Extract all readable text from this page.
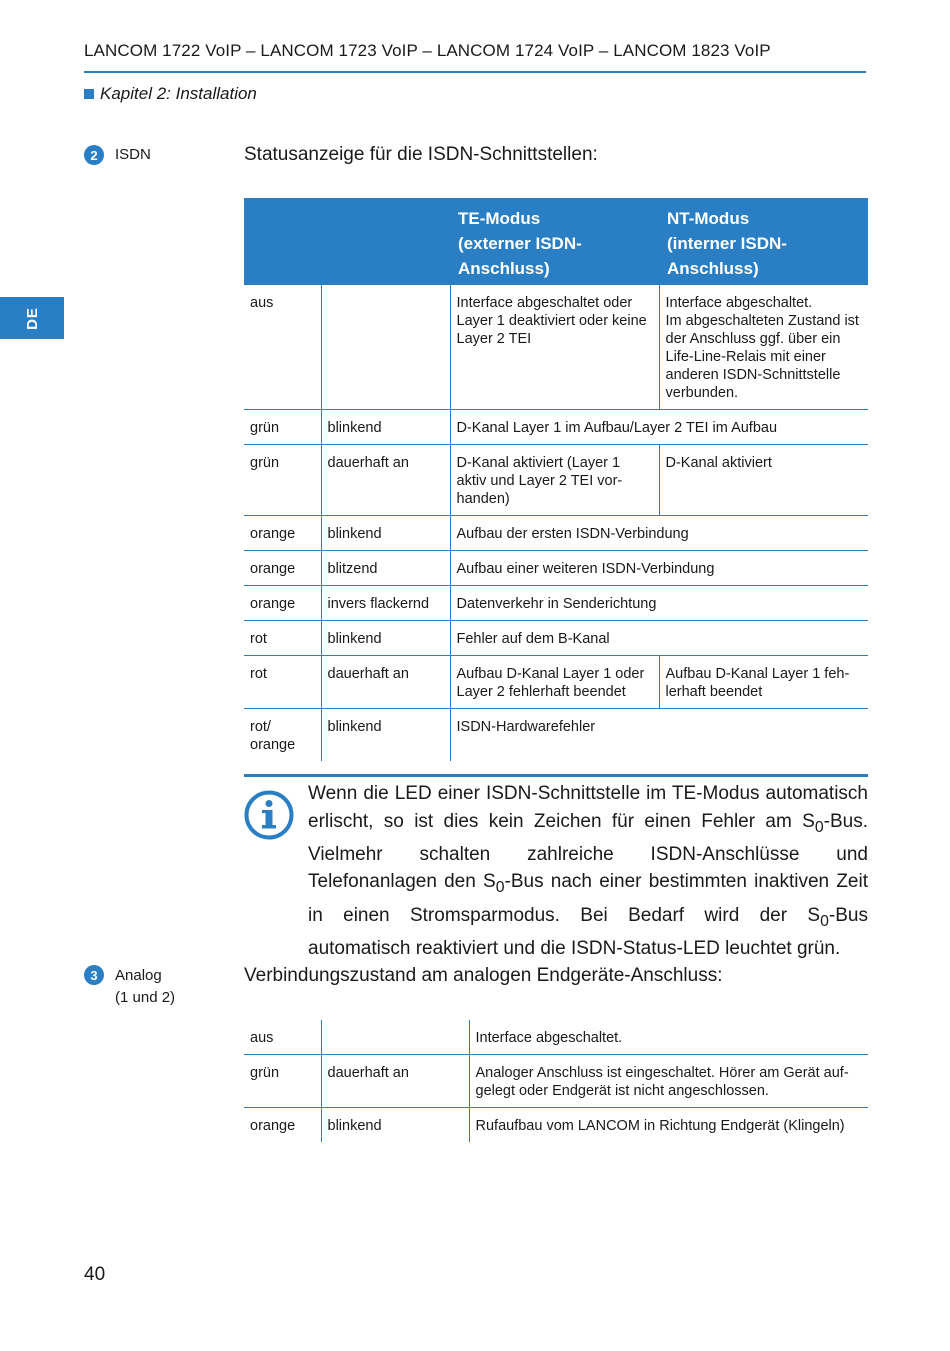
LANCOM 1722 VoIP – LANCOM 1723 VoIP – LANCOM 1724 VoIP – LANCOM 1823 VoIP
Kapitel 2: Installation
DE
2	ISDN	Statusanzeige für die ISDN-Schnittstellen:
		TE-Modus
(externer ISDN-
Anschluss)	NT-Modus
(interner ISDN-
Anschluss)
aus		Interface abgeschaltet oder Layer 1 deaktiviert oder keine Layer 2 TEI	Interface abgeschaltet.
Im abgeschalteten Zustand ist der Anschluss ggf. über ein Life-Line-Relais mit einer anderen ISDN-Schnittstelle verbunden.
grün	blinkend	D-Kanal Layer 1 im Aufbau/Layer 2 TEI im Aufbau	
grün	dauerhaft an	D-Kanal aktiviert (Layer 1 aktiv und Layer 2 TEI vor-handen)	D-Kanal aktiviert
orange	blinkend	Aufbau der ersten ISDN-Verbindung	
orange	blitzend	Aufbau einer weiteren ISDN-Verbindung	
orange	invers flackernd	Datenverkehr in Senderichtung	
rot	blinkend	Fehler auf dem B-Kanal	
rot	dauerhaft an	Aufbau D-Kanal Layer 1 oder Layer 2 fehlerhaft beendet	Aufbau D-Kanal Layer 1 feh-lerhaft beendet
rot/
orange	blinkend	ISDN-Hardwarefehler	
Wenn die LED einer ISDN-Schnittstelle im TE-Modus automatisch erlischt, so ist dies kein Zeichen für einen Fehler am $S_0$-Bus. Vielmehr schalten zahlreiche ISDN-Anschlüsse und Telefonanlagen den $S_0$-Bus nach einer bestimmten inaktiven Zeit in einen Stromsparmodus. Bei Bedarf wird der $S_0$-Bus automatisch reaktiviert und die ISDN-Status-LED leuchtet grün.
3	Analog
(1 und 2)
Verbindungszustand am analogen Endgeräte-Anschluss:
aus		Interface abgeschaltet.
grün	dauerhaft an	Analoger Anschluss ist eingeschaltet. Hörer am Gerät auf-gelegt oder Endgerät ist nicht angeschlossen.
orange	blinkend	Rufaufbau vom LANCOM in Richtung Endgerät (Klingeln)
40
